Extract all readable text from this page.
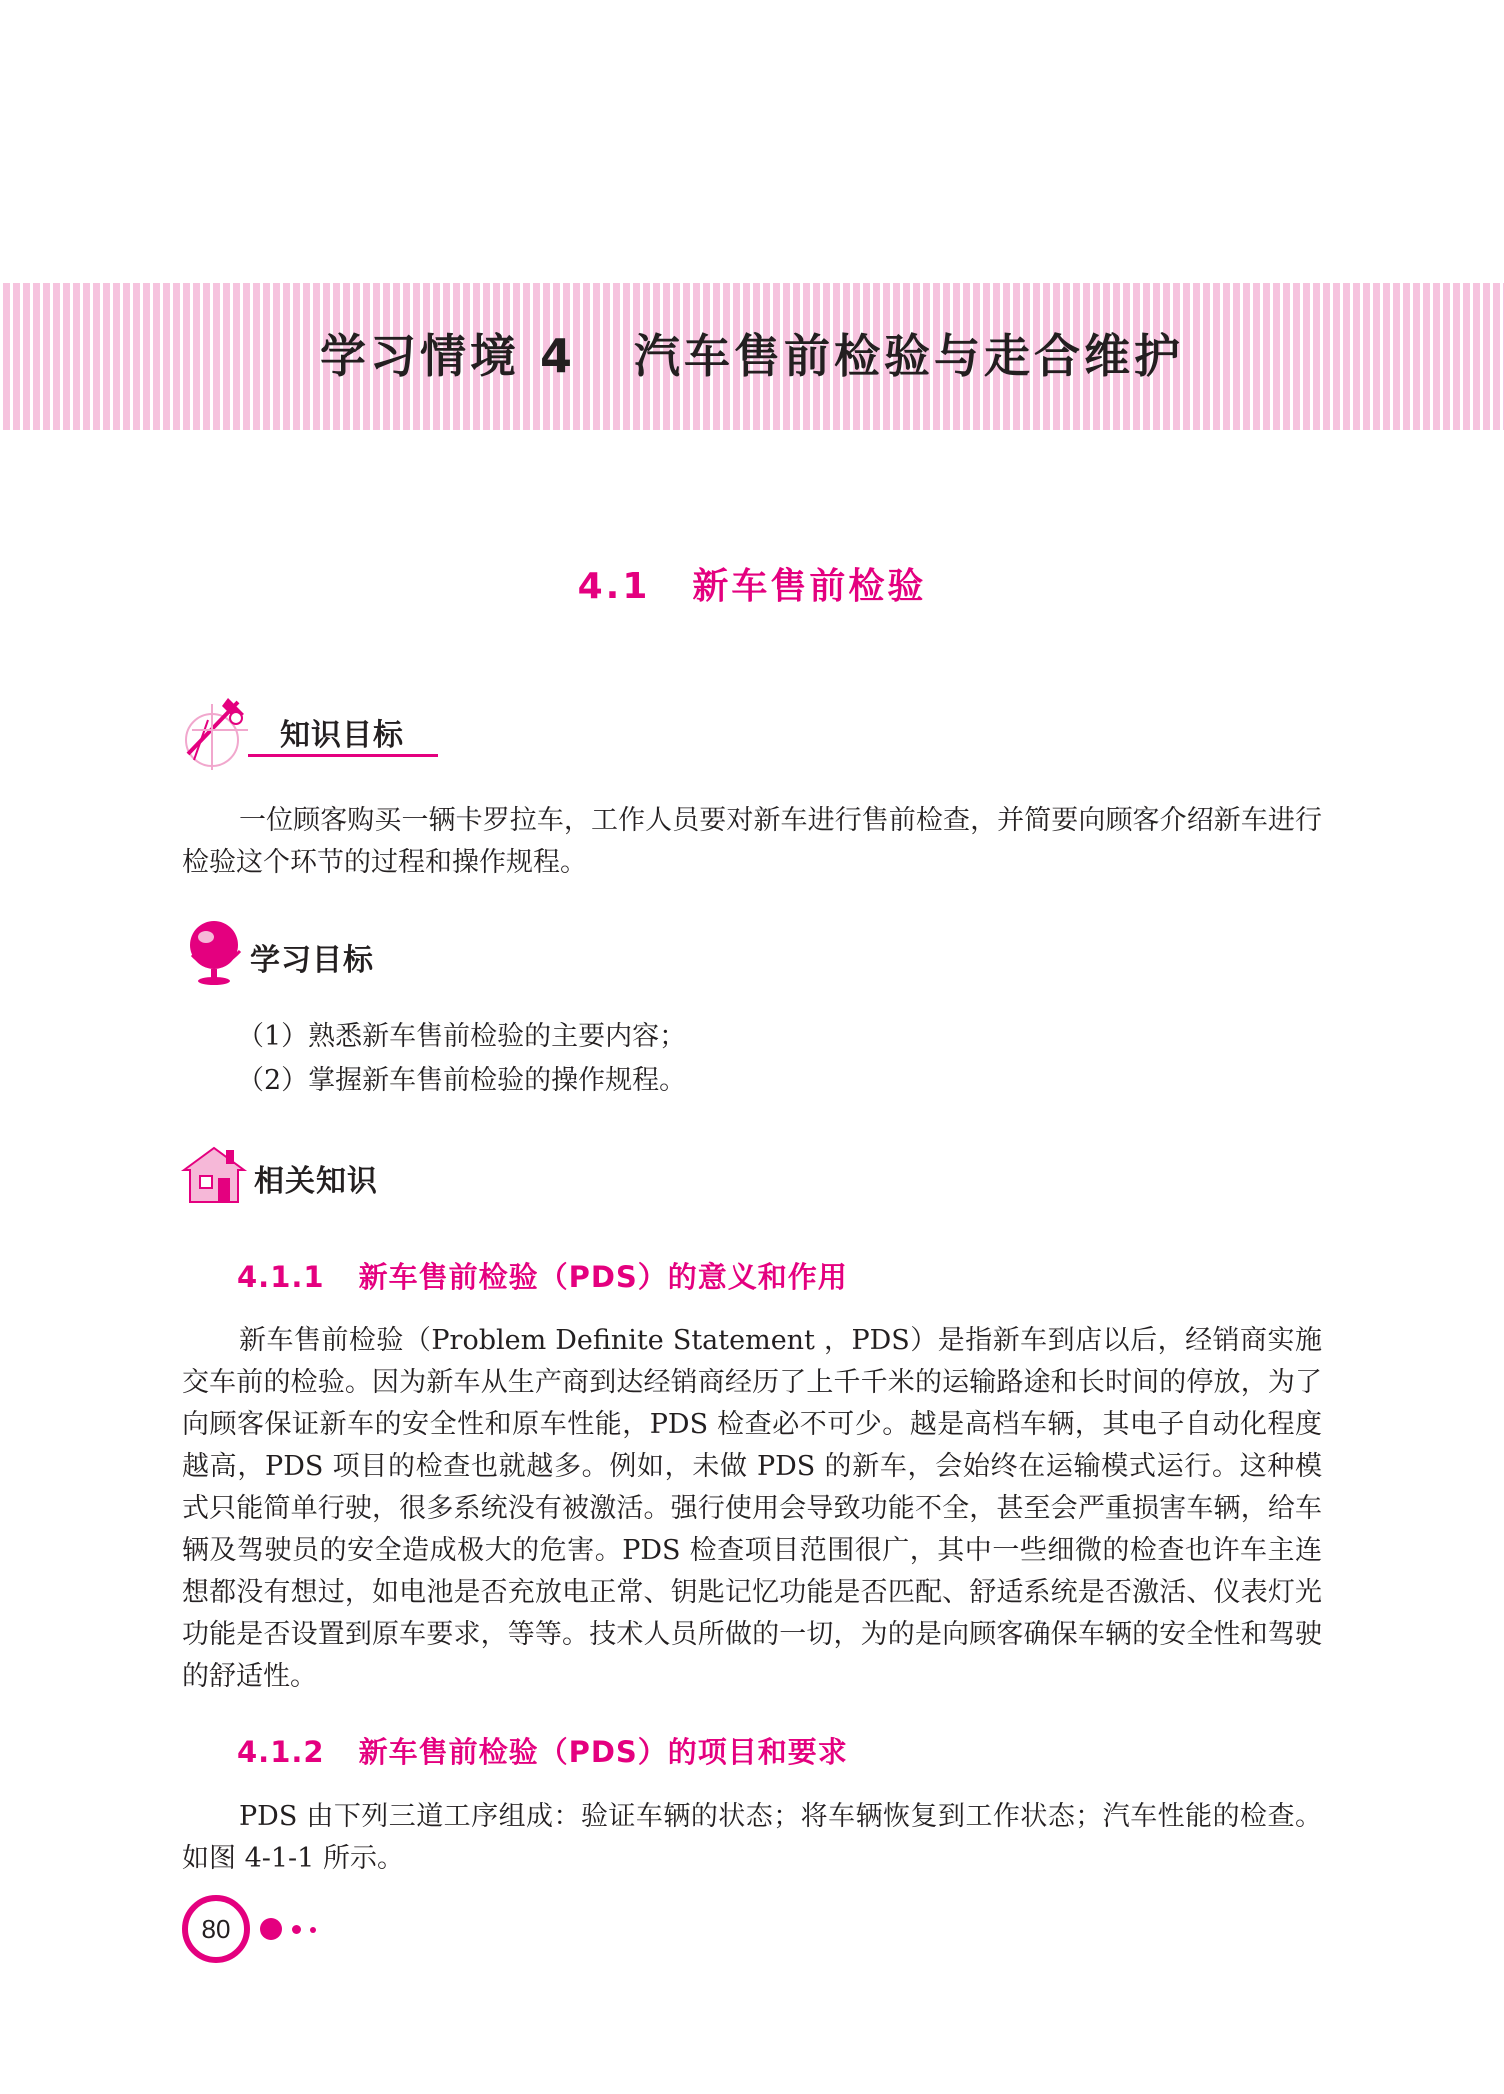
学习情境 4 汽车售前检验与走合维护
4.1 新车售前检验
知识目标

一位顾客购买一辆卡罗拉车，工作人员要对新车进行售前检查，并简要向顾客介绍新车进行检验这个环节的过程和操作规程。

学习目标

（1）熟悉新车售前检验的主要内容；

（2）掌握新车售前检验的操作规程。

相关知识
4.1.1 新车售前检验（PDS）的意义和作用

新车售前检验（Problem Definite Statement ，PDS）是指新车到店以后，经销商实施交车前的检验。因为新车从生产商到达经销商经历了上千千米的运输路途和长时间的停放，为了向顾客保证新车的安全性和原车性能，PDS 检查必不可少。越是高档车辆，其电子自动化程度越高，PDS 项目的检查也就越多。例如，未做 PDS 的新车，会始终在运输模式运行。这种模式只能简单行驶，很多系统没有被激活。强行使用会导致功能不全，甚至会严重损害车辆，给车辆及驾驶员的安全造成极大的危害。PDS 检查项目范围很广，其中一些细微的检查也许车主连想都没有想过，如电池是否充放电正常、钥匙记忆功能是否匹配、舒适系统是否激活、仪表灯光功能是否设置到原车要求，等等。技术人员所做的一切，为的是向顾客确保车辆的安全性和驾驶的舒适性。

4.1.2 新车售前检验（PDS）的项目和要求

PDS 由下列三道工序组成：验证车辆的状态；将车辆恢复到工作状态；汽车性能的检查。如图 4-1-1 所示。

80
